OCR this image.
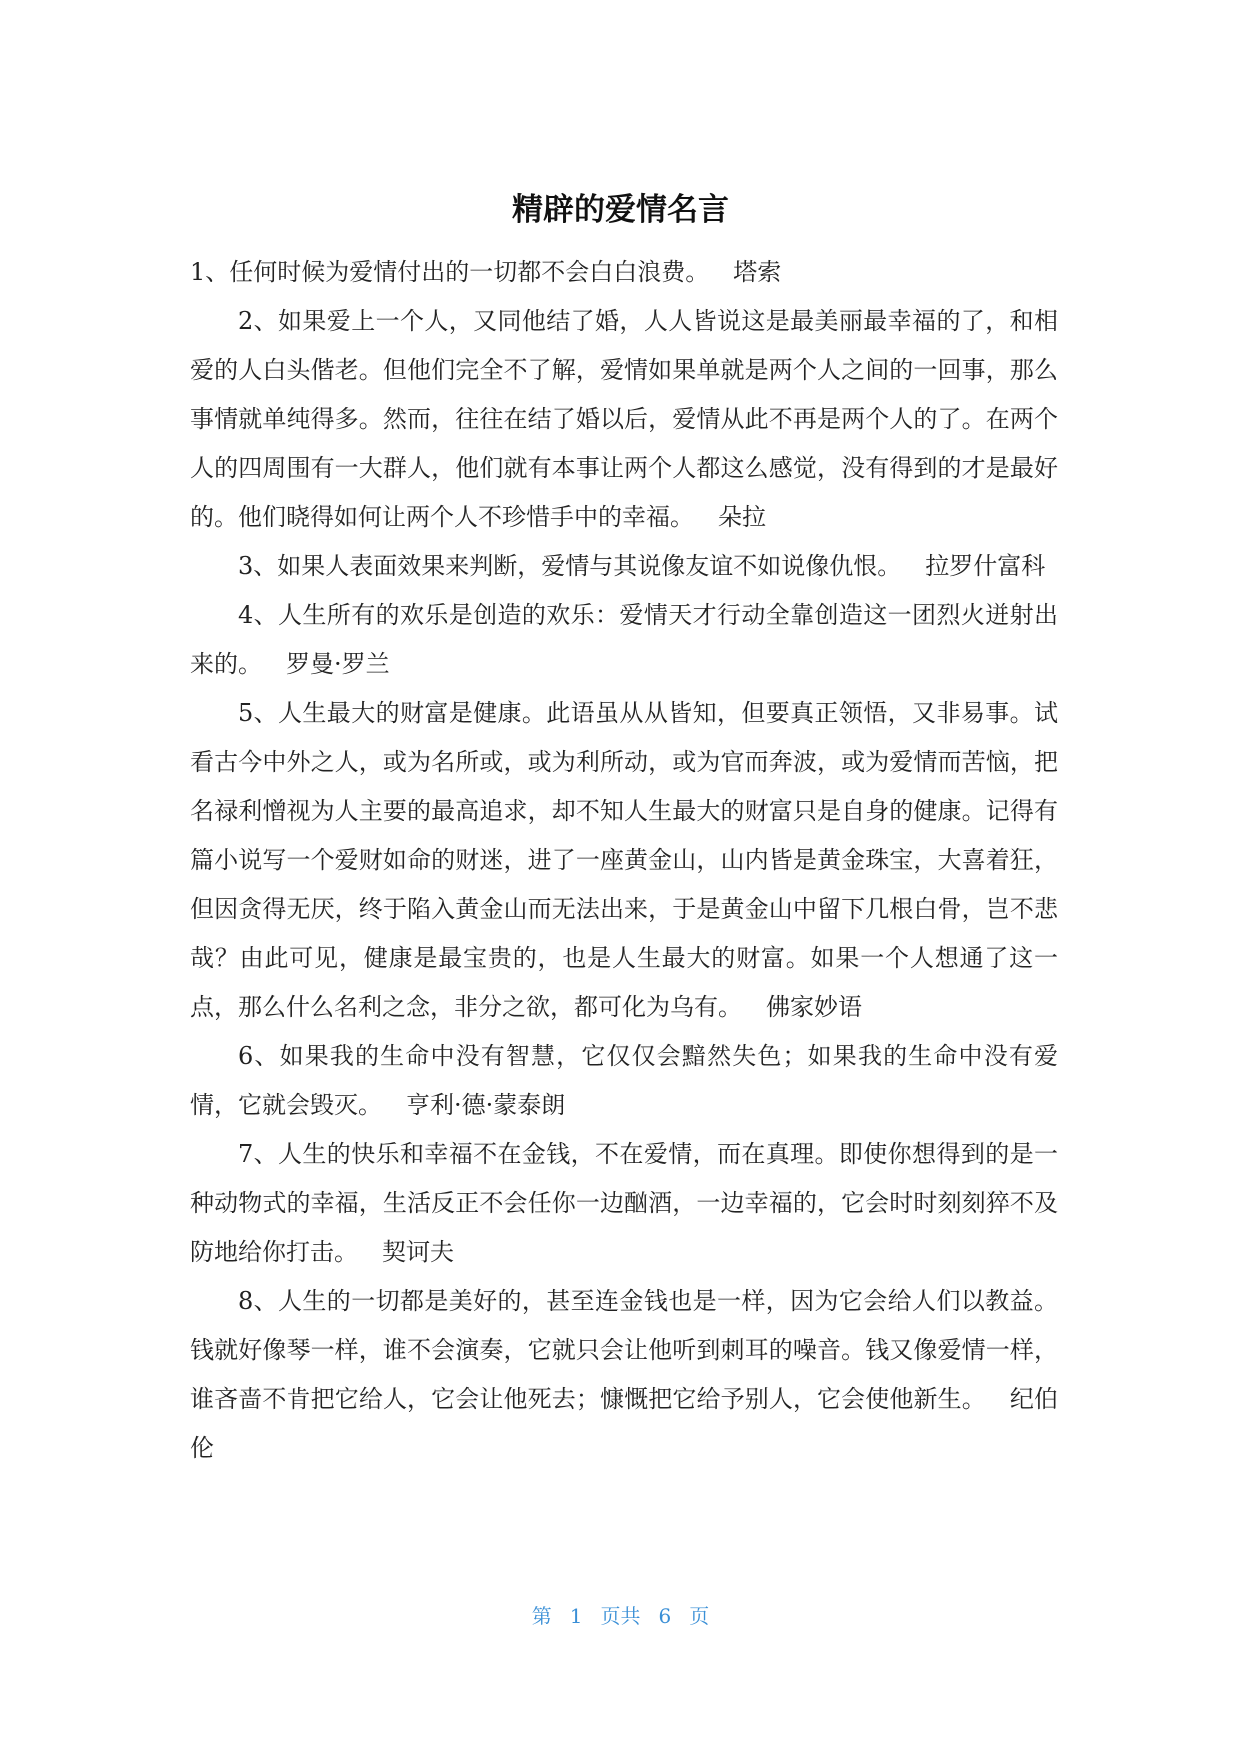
精辟的爱情名言

1、任何时候为爱情付出的一切都不会白白浪费。 塔索

2、如果爱上一个人，又同他结了婚，人人皆说这是最美丽最幸福的了，和相爱的人白头偕老。但他们完全不了解，爱情如果单就是两个人之间的一回事，那么事情就单纯得多。然而，往往在结了婚以后，爱情从此不再是两个人的了。在两个人的四周围有一大群人，他们就有本事让两个人都这么感觉，没有得到的才是最好的。他们晓得如何让两个人不珍惜手中的幸福。 朵拉

3、如果人表面效果来判断，爱情与其说像友谊不如说像仇恨。 拉罗什富科

4、人生所有的欢乐是创造的欢乐：爱情天才行动全靠创造这一团烈火迸射出来的。 罗曼·罗兰

5、人生最大的财富是健康。此语虽从从皆知，但要真正领悟，又非易事。试看古今中外之人，或为名所或，或为利所动，或为官而奔波，或为爱情而苦恼，把名禄利憎视为人主要的最高追求，却不知人生最大的财富只是自身的健康。记得有篇小说写一个爱财如命的财迷，进了一座黄金山，山内皆是黄金珠宝，大喜着狂，但因贪得无厌，终于陷入黄金山而无法出来，于是黄金山中留下几根白骨，岂不悲哉？由此可见，健康是最宝贵的，也是人生最大的财富。如果一个人想通了这一点，那么什么名利之念，非分之欲，都可化为乌有。 佛家妙语

6、如果我的生命中没有智慧，它仅仅会黯然失色；如果我的生命中没有爱情，它就会毁灭。 亨利·德·蒙泰朗

7、人生的快乐和幸福不在金钱，不在爱情，而在真理。即使你想得到的是一种动物式的幸福，生活反正不会任你一边酗酒，一边幸福的，它会时时刻刻猝不及防地给你打击。 契诃夫

8、人生的一切都是美好的，甚至连金钱也是一样，因为它会给人们以教益。钱就好像琴一样，谁不会演奏，它就只会让他听到刺耳的噪音。钱又像爱情一样，谁吝啬不肯把它给人，它会让他死去；慷慨把它给予别人，它会使他新生。 纪伯伦

第 1 页共 6 页
